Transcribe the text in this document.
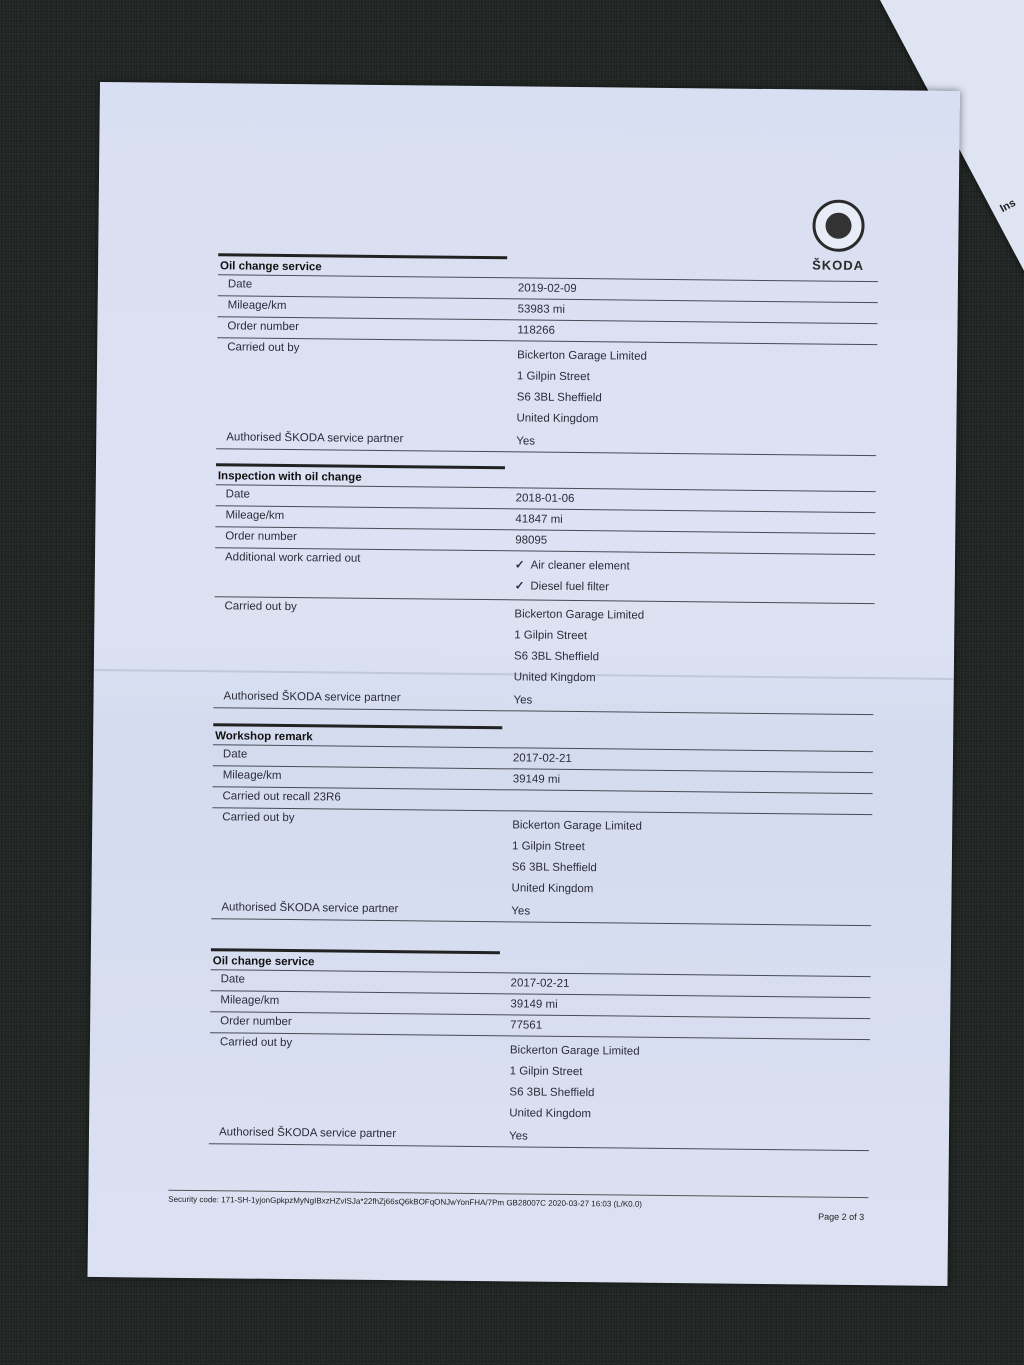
Ins
ŠKODA
Oil change service
Date	2019-02-09
Mileage/km	53983 mi
Order number	118266
Carried out by
Bickerton Garage Limited
1 Gilpin Street
S6 3BL Sheffield
United Kingdom
Authorised ŠKODA service partner	Yes
Inspection with oil change
Date	2018-01-06
Mileage/km	41847 mi
Order number	98095
Additional work carried out
✓ Air cleaner element
✓ Diesel fuel filter
Carried out by
Bickerton Garage Limited
1 Gilpin Street
S6 3BL Sheffield
United Kingdom
Authorised ŠKODA service partner	Yes
Workshop remark
Date	2017-02-21
Mileage/km	39149 mi
Carried out recall 23R6
Carried out by
Bickerton Garage Limited
1 Gilpin Street
S6 3BL Sheffield
United Kingdom
Authorised ŠKODA service partner	Yes
Oil change service
Date	2017-02-21
Mileage/km	39149 mi
Order number	77561
Carried out by
Bickerton Garage Limited
1 Gilpin Street
S6 3BL Sheffield
United Kingdom
Authorised ŠKODA service partner	Yes
Security code: 171-SH-1yjonGpkpzMyNgIBxzHZvISJa*22fhZj66sQ6kBOFqONJwYonFHA/7Pm GB28007C 2020-03-27 16:03 (L/K0.0)
Page 2 of 3
